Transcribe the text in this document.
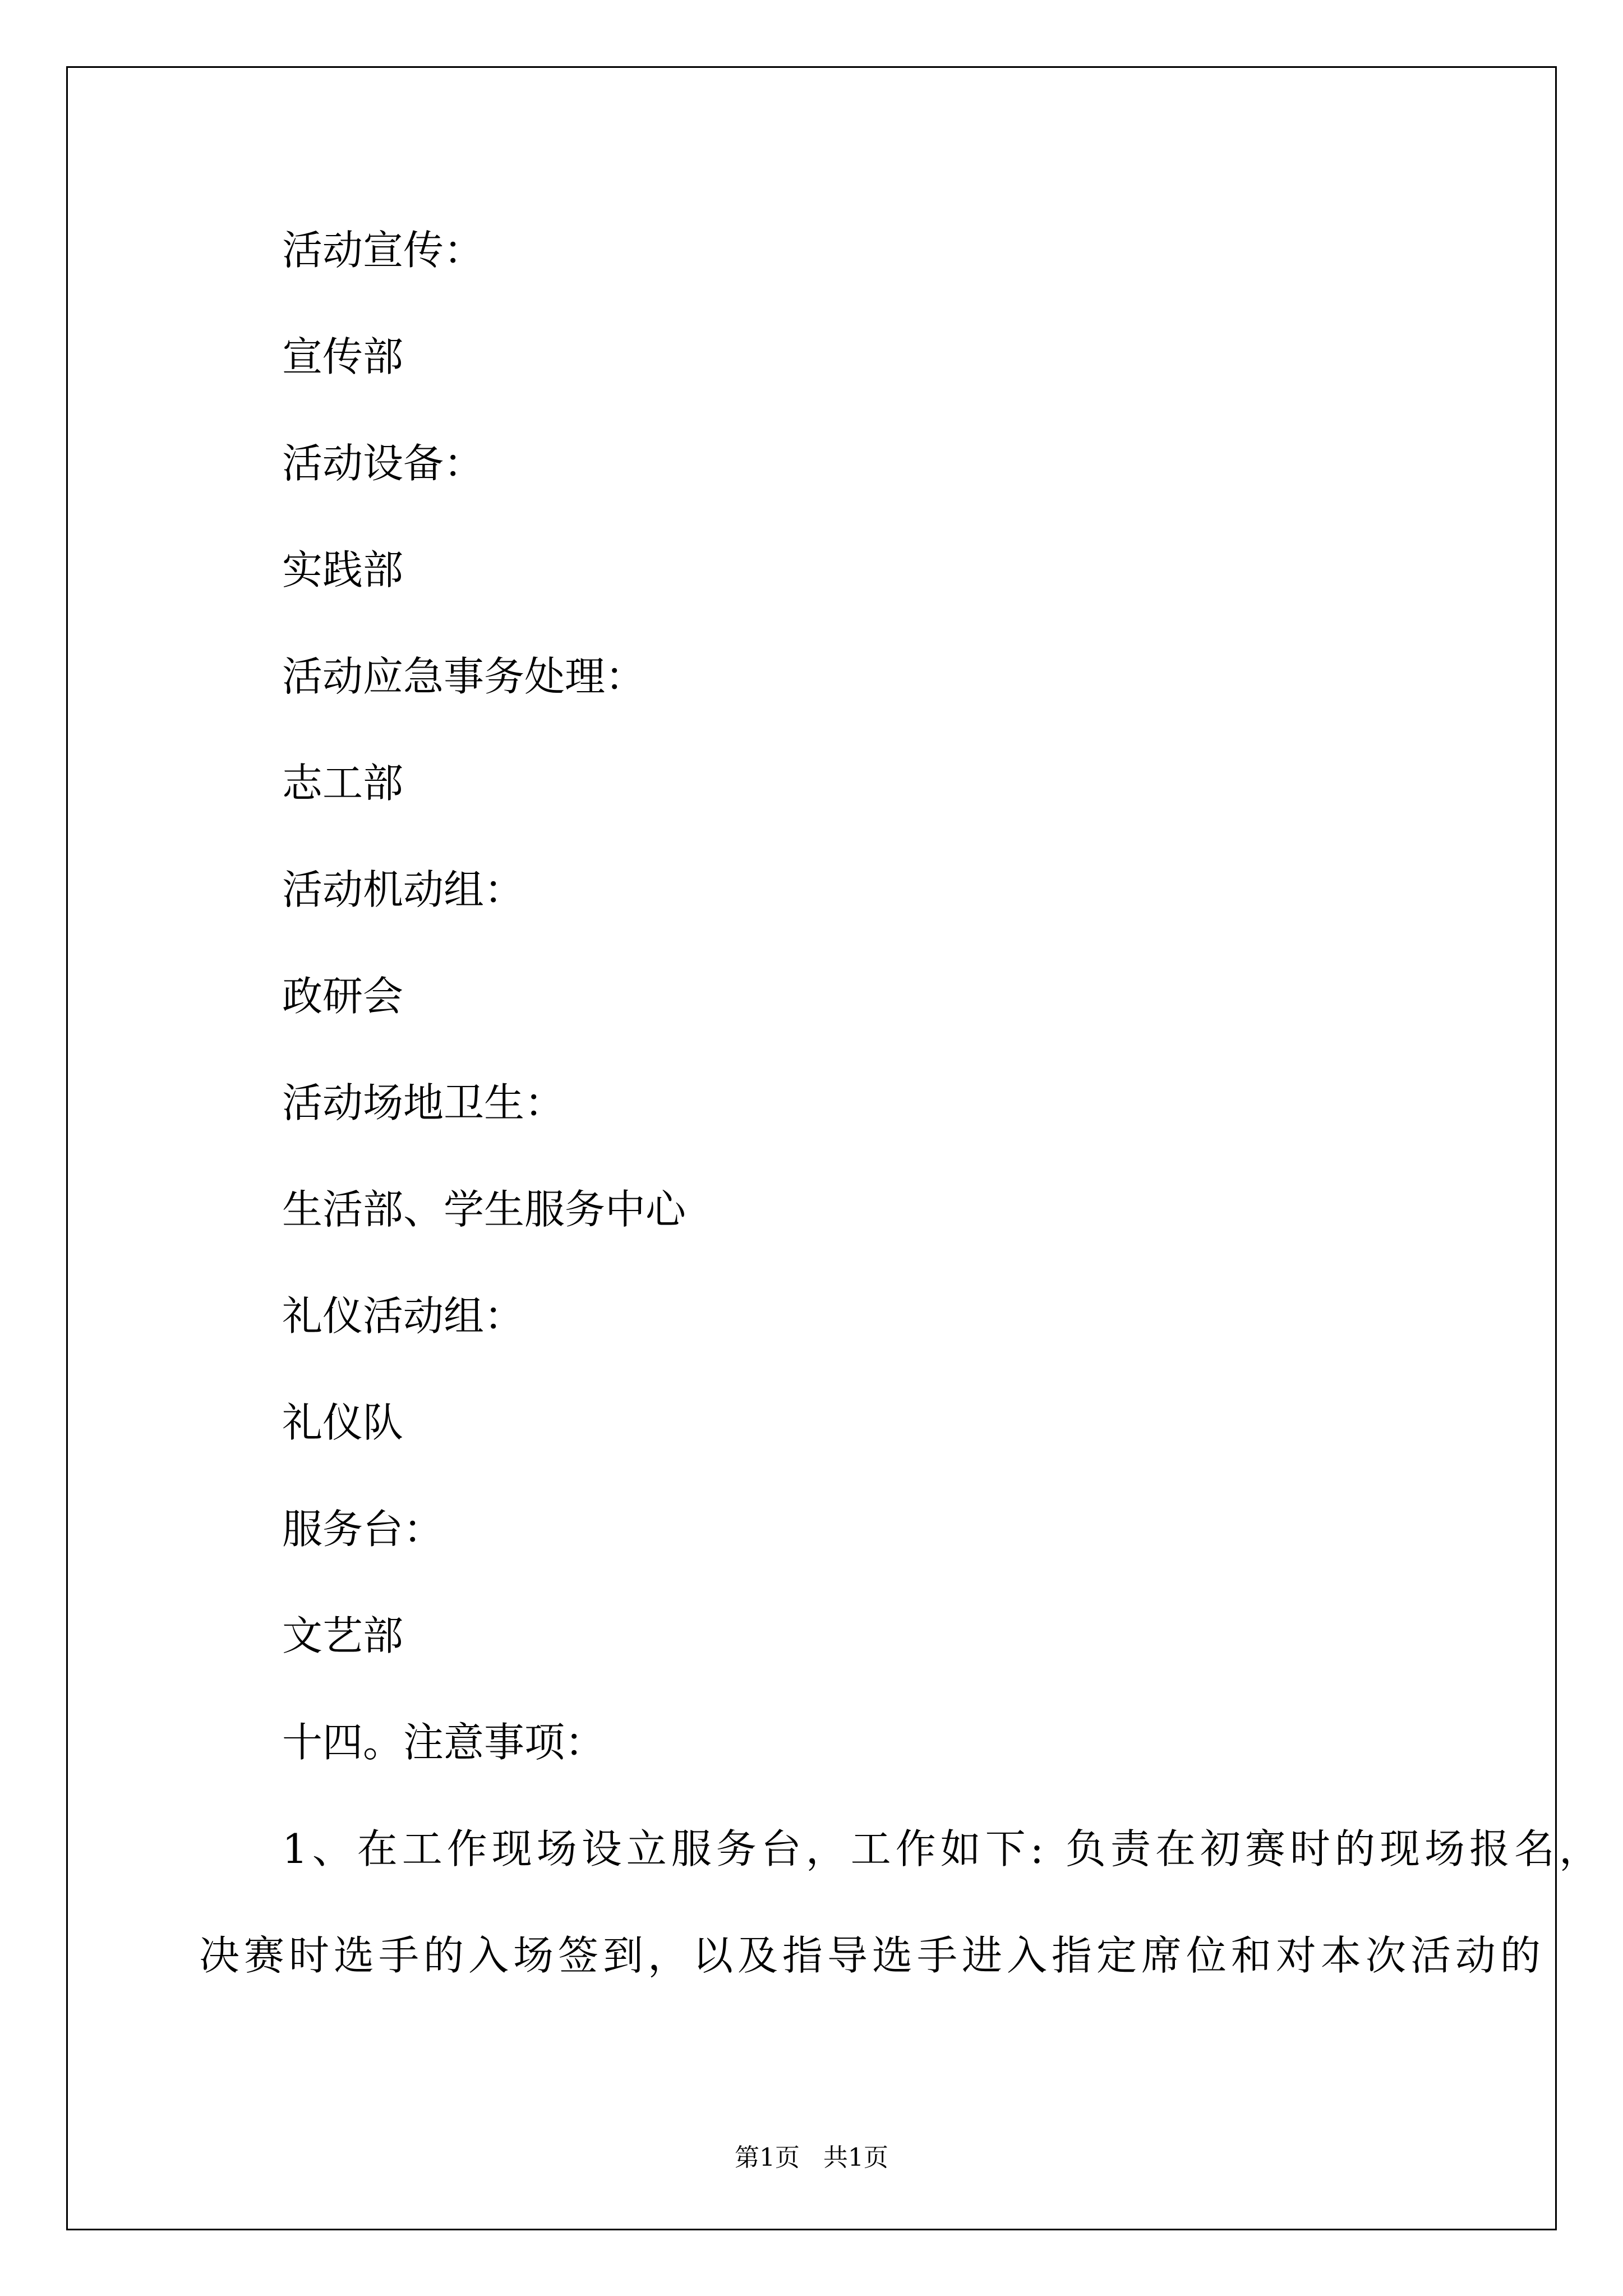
活动宣传：
宣传部
活动设备：
实践部
活动应急事务处理：
志工部
活动机动组：
政研会
活动场地卫生：
生活部、学生服务中心
礼仪活动组：
礼仪队
服务台：
文艺部
十四。注意事项：
1、在工作现场设立服务台，工作如下: 负责在初赛时的现场报名，
决赛时选手的入场签到，以及指导选手进入指定席位和对本次活动的
第1页   共1页
